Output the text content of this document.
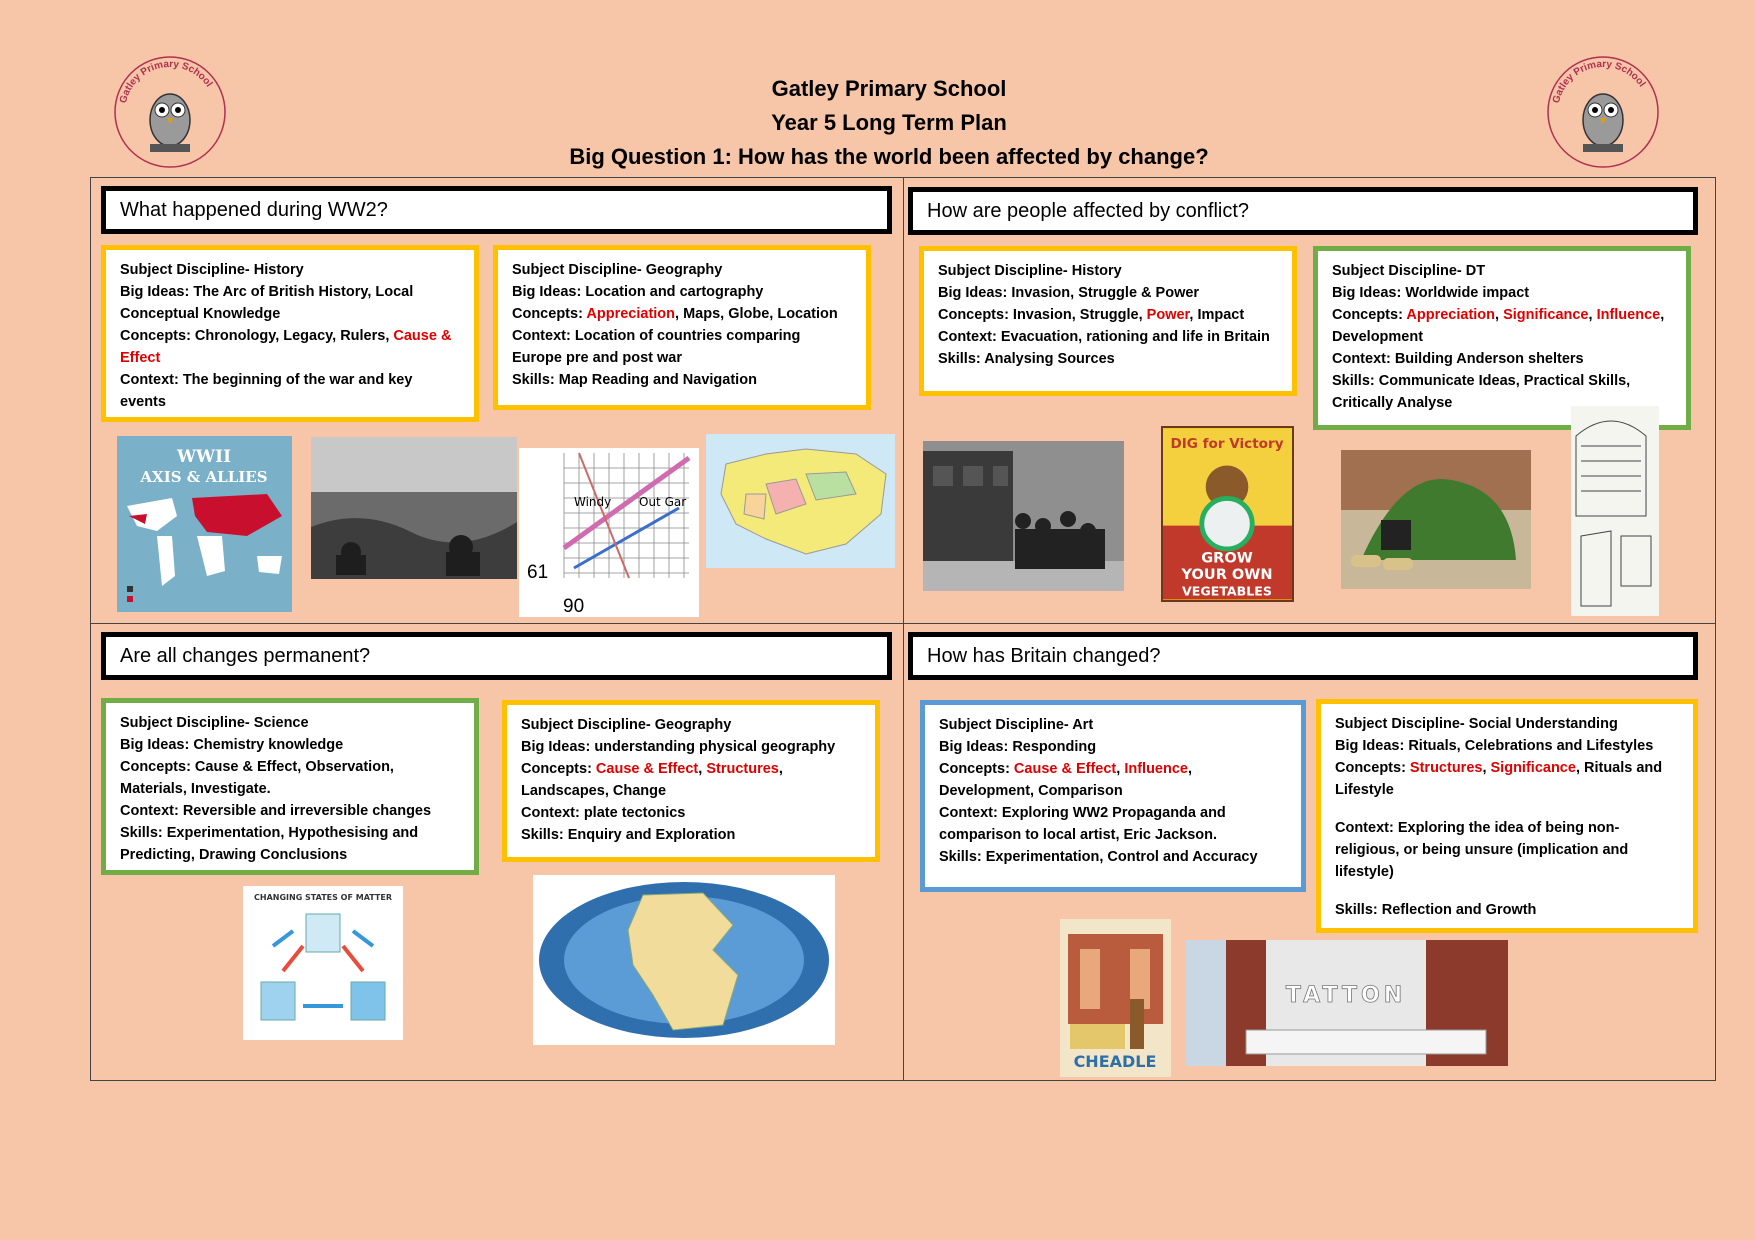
Gatley Primary School
Gatley Primary School
Gatley Primary School
Year 5 Long Term Plan
Big Question 1: How has the world been affected by change?
What happened during WW2?	How are people affected by conflict?
Are all changes permanent?	How has Britain changed?
Subject Discipline- History
Big Ideas: The Arc of British History, Local
Conceptual Knowledge
Concepts: Chronology, Legacy, Rulers, Cause &
Effect
Context: The beginning of the war and key
events
Subject Discipline- Geography
Big Ideas: Location and cartography
Concepts: Appreciation, Maps, Globe, Location
Context: Location of countries comparing
Europe pre and post war
Skills: Map Reading and Navigation
Subject Discipline- History
Big Ideas: Invasion, Struggle & Power
Concepts: Invasion, Struggle, Power, Impact
Context: Evacuation, rationing and life in Britain
Skills: Analysing Sources
Subject Discipline- DT
Big Ideas: Worldwide impact
Concepts: Appreciation, Significance, Influence,
Development
Context: Building Anderson shelters
Skills: Communicate Ideas, Practical Skills,
Critically Analyse
Subject Discipline- Science
Big Ideas: Chemistry knowledge
Concepts: Cause & Effect, Observation,
Materials, Investigate.
Context: Reversible and irreversible changes
Skills: Experimentation, Hypothesising and
Predicting, Drawing Conclusions
Subject Discipline- Geography
Big Ideas: understanding physical geography
Concepts: Cause & Effect, Structures,
Landscapes, Change
Context: plate tectonics
Skills: Enquiry and Exploration
Subject Discipline- Art
Big Ideas: Responding
Concepts: Cause & Effect, Influence,
Development, Comparison
Context: Exploring WW2 Propaganda and
comparison to local artist, Eric Jackson.
Skills: Experimentation, Control and Accuracy
Subject Discipline- Social Understanding
Big Ideas: Rituals, Celebrations and Lifestyles
Concepts: Structures, Significance, Rituals and
Lifestyle
Context: Exploring the idea of being non-
religious, or being unsure (implication and
lifestyle)
Skills: Reflection and Growth
WWII
AXIS & ALLIES
Windy Out Gar
61
90
DIG for Victory
GROW
YOUR OWN
VEGETABLES
CHANGING STATES OF MATTER
CHEADLE
TATTON
